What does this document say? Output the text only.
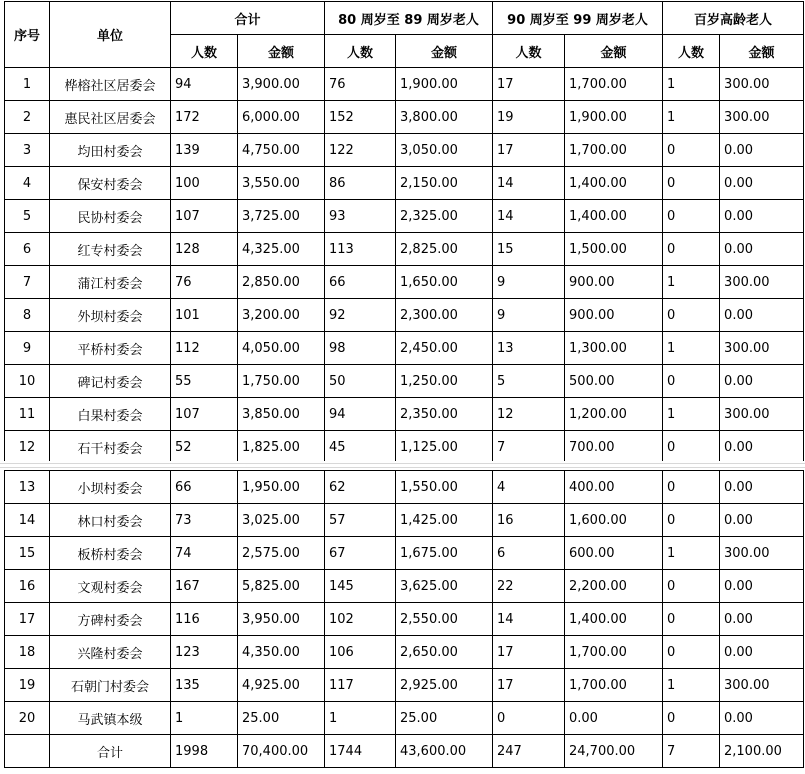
序号	单位	合计		80 周岁至 89 周岁老人		90 周岁至 99 周岁老人		百岁高龄老人	
		人数	金额	人数	金额	人数	金额	人数	金额
1	桦榕社区居委会	94	3,900.00	76	1,900.00	17	1,700.00	1	300.00
2	惠民社区居委会	172	6,000.00	152	3,800.00	19	1,900.00	1	300.00
3	均田村委会	139	4,750.00	122	3,050.00	17	1,700.00	0	0.00
4	保安村委会	100	3,550.00	86	2,150.00	14	1,400.00	0	0.00
5	民协村委会	107	3,725.00	93	2,325.00	14	1,400.00	0	0.00
6	红专村委会	128	4,325.00	113	2,825.00	15	1,500.00	0	0.00
7	蒲江村委会	76	2,850.00	66	1,650.00	9	900.00	1	300.00
8	外坝村委会	101	3,200.00	92	2,300.00	9	900.00	0	0.00
9	平桥村委会	112	4,050.00	98	2,450.00	13	1,300.00	1	300.00
10	碑记村委会	55	1,750.00	50	1,250.00	5	500.00	0	0.00
11	白果村委会	107	3,850.00	94	2,350.00	12	1,200.00	1	300.00
12	石干村委会	52	1,825.00	45	1,125.00	7	700.00	0	0.00
13	小坝村委会	66	1,950.00	62	1,550.00	4	400.00	0	0.00
14	林口村委会	73	3,025.00	57	1,425.00	16	1,600.00	0	0.00
15	板桥村委会	74	2,575.00	67	1,675.00	6	600.00	1	300.00
16	文观村委会	167	5,825.00	145	3,625.00	22	2,200.00	0	0.00
17	方碑村委会	116	3,950.00	102	2,550.00	14	1,400.00	0	0.00
18	兴隆村委会	123	4,350.00	106	2,650.00	17	1,700.00	0	0.00
19	石朝门村委会	135	4,925.00	117	2,925.00	17	1,700.00	1	300.00
20	马武镇本级	1	25.00	1	25.00	0	0.00	0	0.00
	合计	1998	70,400.00	1744	43,600.00	247	24,700.00	7	2,100.00
